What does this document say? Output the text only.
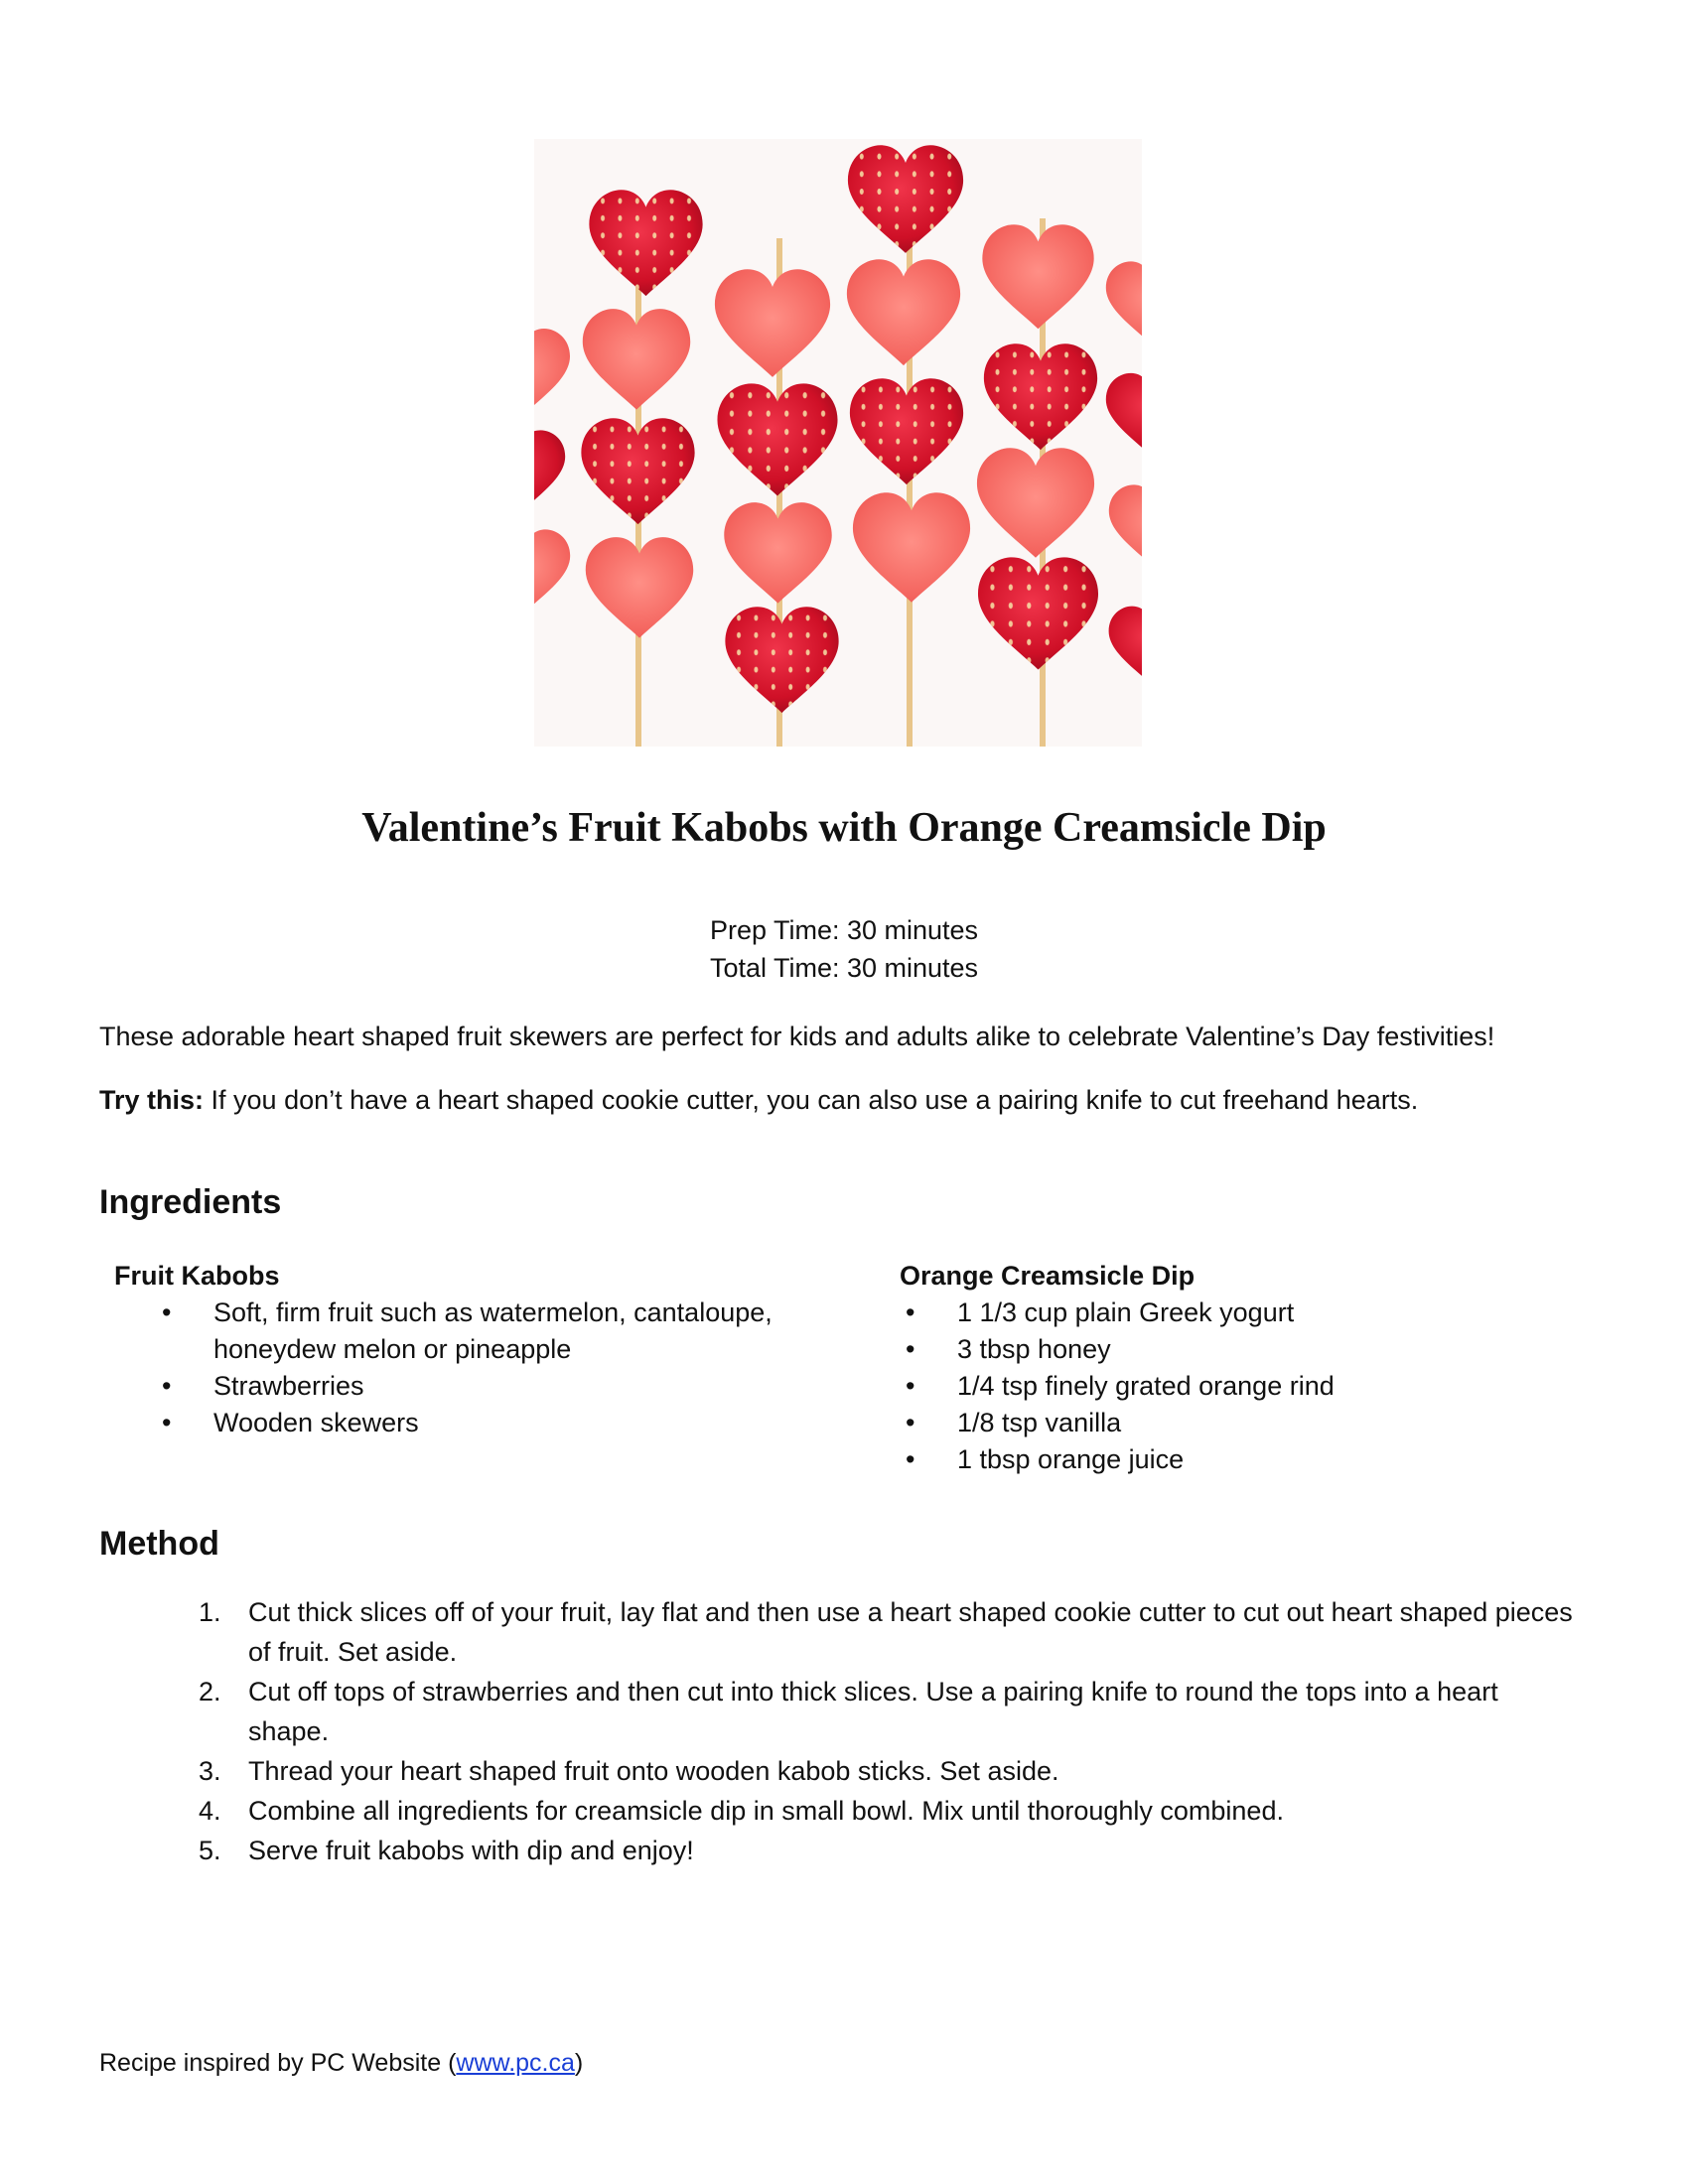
Valentine’s Fruit Kabobs with Orange Creamsicle Dip
Prep Time: 30 minutes
Total Time: 30 minutes

These adorable heart shaped fruit skewers are perfect for kids and adults alike to celebrate Valentine’s Day festivities!

Try this: If you don’t have a heart shaped cookie cutter, you can also use a pairing knife to cut freehand hearts.

Ingredients
Fruit Kabobs
• Soft, firm fruit such as watermelon, cantaloupe, honeydew melon or pineapple
• Strawberries
• Wooden skewers
Orange Creamsicle Dip
• 1 1/3 cup plain Greek yogurt
• 3 tbsp honey
• 1/4 tsp finely grated orange rind
• 1/8 tsp vanilla
• 1 tbsp orange juice
Method
1. Cut thick slices off of your fruit, lay flat and then use a heart shaped cookie cutter to cut out heart shaped pieces of fruit. Set aside.
2. Cut off tops of strawberries and then cut into thick slices. Use a pairing knife to round the tops into a heart shape.
3. Thread your heart shaped fruit onto wooden kabob sticks. Set aside.
4. Combine all ingredients for creamsicle dip in small bowl. Mix until thoroughly combined.
5. Serve fruit kabobs with dip and enjoy!
Recipe inspired by PC Website (www.pc.ca)
